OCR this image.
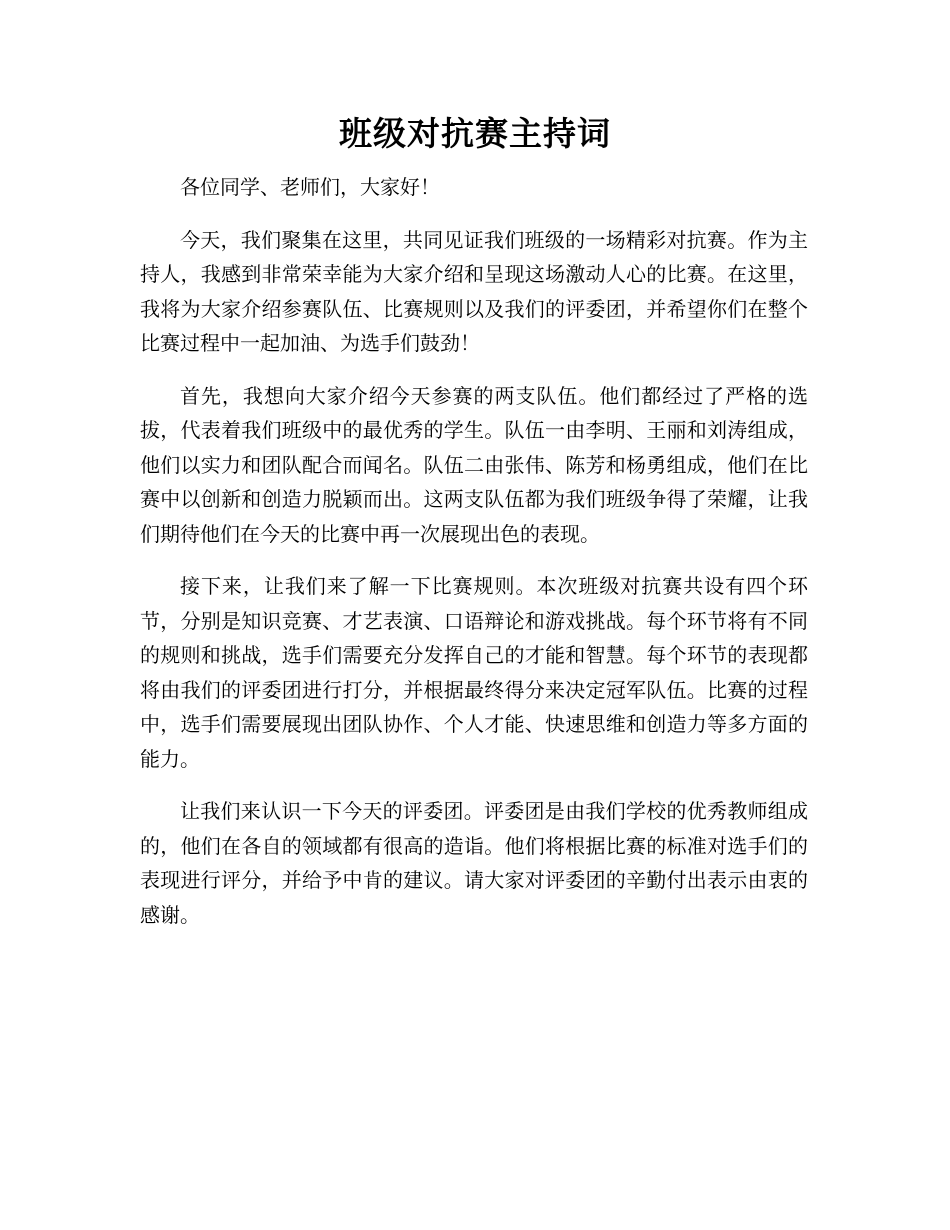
班级对抗赛主持词

各位同学、老师们，大家好！

今天，我们聚集在这里，共同见证我们班级的一场精彩对抗赛。作为主持人，我感到非常荣幸能为大家介绍和呈现这场激动人心的比赛。在这里，我将为大家介绍参赛队伍、比赛规则以及我们的评委团，并希望你们在整个比赛过程中一起加油、为选手们鼓劲！

首先，我想向大家介绍今天参赛的两支队伍。他们都经过了严格的选拔，代表着我们班级中的最优秀的学生。队伍一由李明、王丽和刘涛组成，他们以实力和团队配合而闻名。队伍二由张伟、陈芳和杨勇组成，他们在比赛中以创新和创造力脱颖而出。这两支队伍都为我们班级争得了荣耀，让我们期待他们在今天的比赛中再一次展现出色的表现。

接下来，让我们来了解一下比赛规则。本次班级对抗赛共设有四个环节，分别是知识竞赛、才艺表演、口语辩论和游戏挑战。每个环节将有不同的规则和挑战，选手们需要充分发挥自己的才能和智慧。每个环节的表现都将由我们的评委团进行打分，并根据最终得分来决定冠军队伍。比赛的过程中，选手们需要展现出团队协作、个人才能、快速思维和创造力等多方面的能力。

让我们来认识一下今天的评委团。评委团是由我们学校的优秀教师组成的，他们在各自的领域都有很高的造诣。他们将根据比赛的标准对选手们的表现进行评分，并给予中肯的建议。请大家对评委团的辛勤付出表示由衷的感谢。
